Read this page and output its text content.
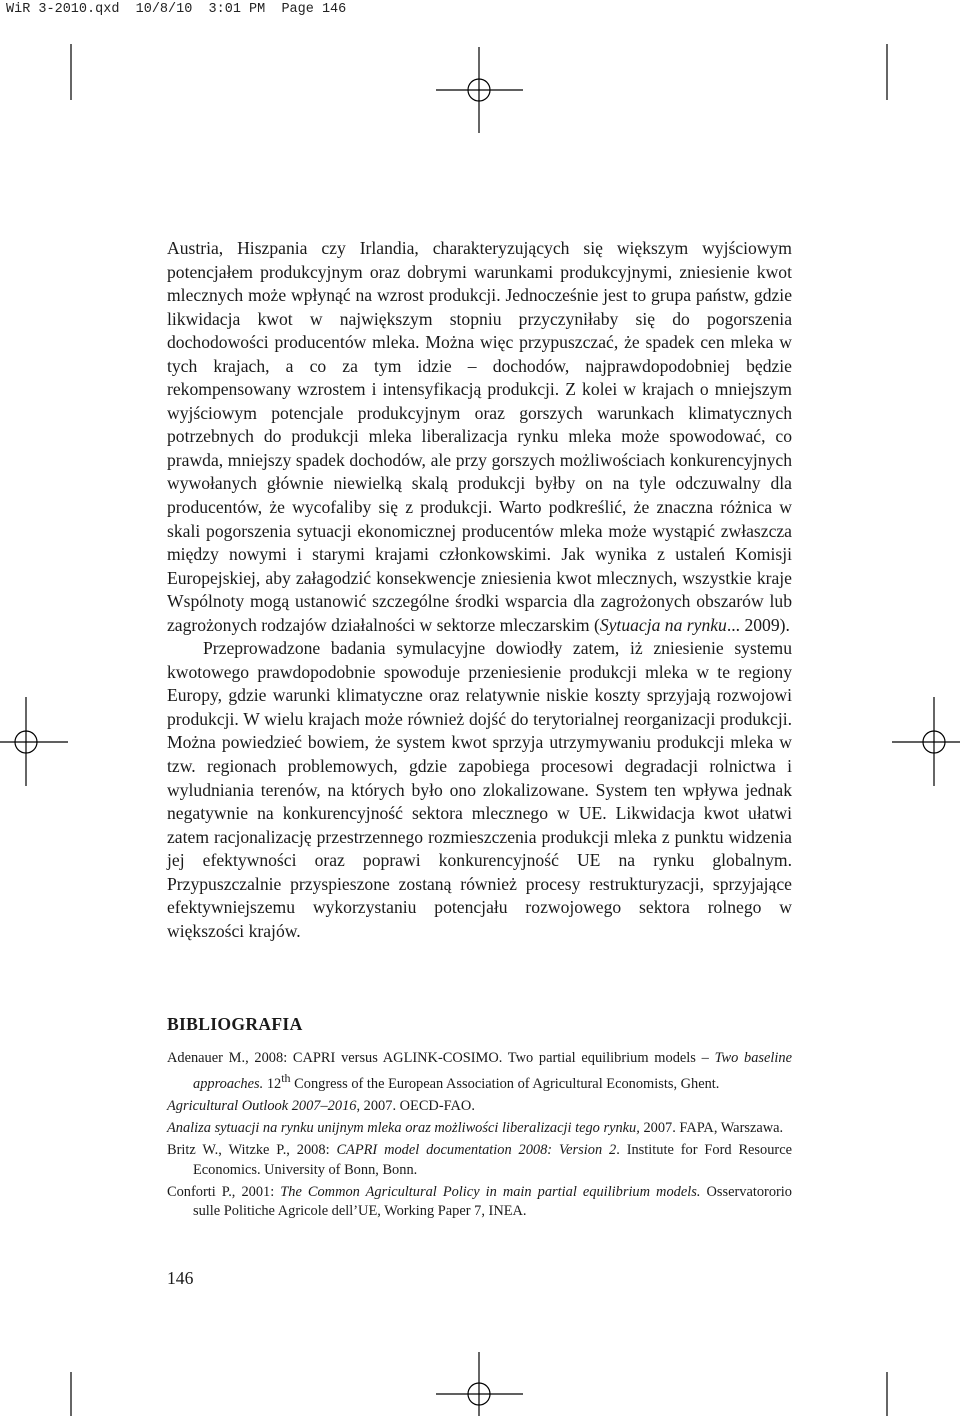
WiR 3-2010.qxd  10/8/10  3:01 PM  Page 146

Austria, Hiszpania czy Irlandia, charakteryzujących się większym wyjściowym potencjałem produkcyjnym oraz dobrymi warunkami produkcyjnymi, zniesienie kwot mlecznych może wpłynąć na wzrost produkcji. Jednocześnie jest to grupa państw, gdzie likwidacja kwot w największym stopniu przyczyniłaby się do pogorszenia dochodowości producentów mleka. Można więc przypuszczać, że spadek cen mleka w tych krajach, a co za tym idzie – dochodów, najprawdopodobniej będzie rekompensowany wzrostem i intensyfikacją produkcji. Z kolei w krajach o mniejszym wyjściowym potencjale produkcyjnym oraz gorszych warunkach klimatycznych potrzebnych do produkcji mleka liberalizacja rynku mleka może spowodować, co prawda, mniejszy spadek dochodów, ale przy gorszych możliwościach konkurencyjnych wywołanych głównie niewielką skalą produkcji byłby on na tyle odczuwalny dla producentów, że wycofaliby się z produkcji. Warto podkreślić, że znaczna różnica w skali pogorszenia sytuacji ekonomicznej producentów mleka może wystąpić zwłaszcza między nowymi i starymi krajami członkowskimi. Jak wynika z ustaleń Komisji Europejskiej, aby załagodzić konsekwencje zniesienia kwot mlecznych, wszystkie kraje Wspólnoty mogą ustanowić szczególne środki wsparcia dla zagrożonych obszarów lub zagrożonych rodzajów działalności w sektorze mleczarskim (Sytuacja na rynku... 2009).

Przeprowadzone badania symulacyjne dowiodły zatem, iż zniesienie systemu kwotowego prawdopodobnie spowoduje przeniesienie produkcji mleka w te regiony Europy, gdzie warunki klimatyczne oraz relatywnie niskie koszty sprzyjają rozwojowi produkcji. W wielu krajach może również dojść do terytorialnej reorganizacji produkcji. Można powiedzieć bowiem, że system kwot sprzyja utrzymywaniu produkcji mleka w tzw. regionach problemowych, gdzie zapobiega procesowi degradacji rolnictwa i wyludniania terenów, na których było ono zlokalizowane. System ten wpływa jednak negatywnie na konkurencyjność sektora mlecznego w UE. Likwidacja kwot ułatwi zatem racjonalizację przestrzennego rozmieszczenia produkcji mleka z punktu widzenia jej efektywności oraz poprawi konkurencyjność UE na rynku globalnym. Przypuszczalnie przyspieszone zostaną również procesy restrukturyzacji, sprzyjające efektywniejszemu wykorzystaniu potencjału rozwojowego sektora rolnego w większości krajów.

BIBLIOGRAFIA
Adenauer M., 2008: CAPRI versus AGLINK-COSIMO. Two partial equilibrium models – Two baseline approaches. 12th Congress of the European Association of Agricultural Economists, Ghent.
Agricultural Outlook 2007–2016, 2007. OECD-FAO.
Analiza sytuacji na rynku unijnym mleka oraz możliwości liberalizacji tego rynku, 2007. FAPA, Warszawa.
Britz W., Witzke P., 2008: CAPRI model documentation 2008: Version 2. Institute for Ford Resource Economics. University of Bonn, Bonn.
Conforti P., 2001: The Common Agricultural Policy in main partial equilibrium models. Osservatororio sulle Politiche Agricole dell’UE, Working Paper 7, INEA.
146
